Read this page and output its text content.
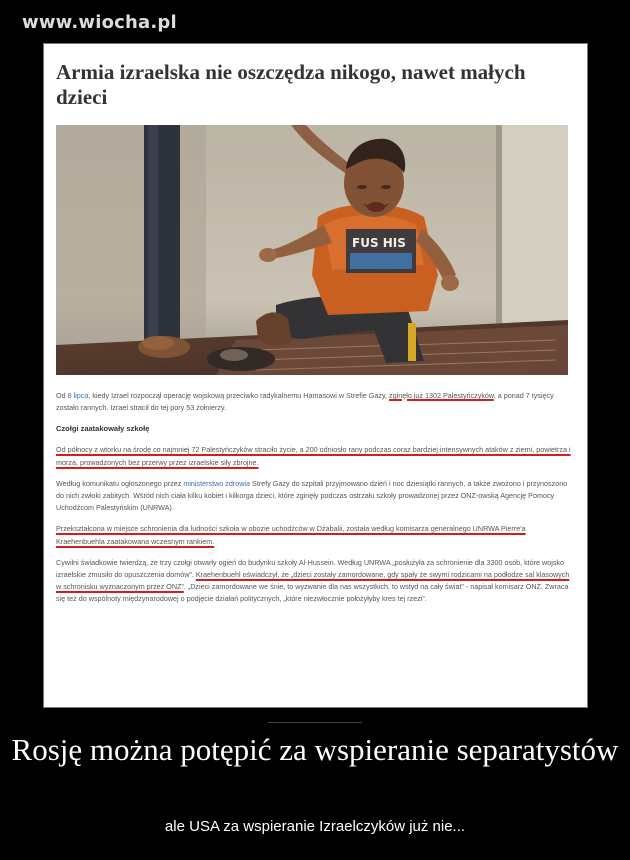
www.wiocha.pl
Armia izraelska nie oszczędza nikogo, nawet małych dzieci
FUS HIS

Od 8 lipca, kiedy Izrael rozpoczął operację wojskową przeciwko radykalnemu Hamasowi w Strefie Gazy, zginęło już 1302 Palestyńczyków, a ponad 7 tysięcy zostało rannych. Izrael stracił do tej pory 53 żołnierzy.

Czołgi zaatakowały szkołę

Od północy z wtorku na środę co najmniej 72 Palestyńczyków straciło życie, a 200 odniosło rany podczas coraz bardziej intensywnych ataków z ziemi, powietrza i morza, prowadzonych bez przerwy przez izraelskie siły zbrojne.

Według komunikatu ogłoszonego przez ministerstwo zdrowia Strefy Gazy do szpitali przyjmowano dzień i noc dziesiątki rannych, a także zwożono i przynoszono do nich zwłoki zabitych. Wśród nich ciała kilku kobiet i kilkorga dzieci, które zginęły podczas ostrzału szkoły prowadzonej przez ONZ-owską Agencję Pomocy Uchodźcom Palestyńskim (UNRWA).

Przekształcona w miejsce schronienia dla ludności szkoła w obozie uchodźców w Dżabalii, została według komisarza generalnego UNRWA Pierre'a Kraehenbuehla zaatakowana wczesnym rankiem.

Cywilni świadkowie twierdzą, że trzy czołgi otwarły ogień do budynku szkoły Al-Hussein. Według UNRWA „posłużyła za schronienie dla 3300 osób, które wojsko izraelskie zmusiło do opuszczenia domów”. Kraehenbuehl oświadczył, że „dzieci zostały zamordowane, gdy spały że swymi rodzicami na podłodze sal klasowych w schronisku wyznaczonym przez ONZ”. „Dzieci zamordowane we śnie, to wyzwanie dla nas wszystkich, to wstyd na cały świat” - napisał komisarz ONZ. Zwraca się też do wspólnoty międzynarodowej o podjęcie działań politycznych, „które niezwłocznie położyłyby kres tej rzezi”.

Rosję można potępić za wspieranie separatystów
ale USA za wspieranie Izraelczyków już nie...
